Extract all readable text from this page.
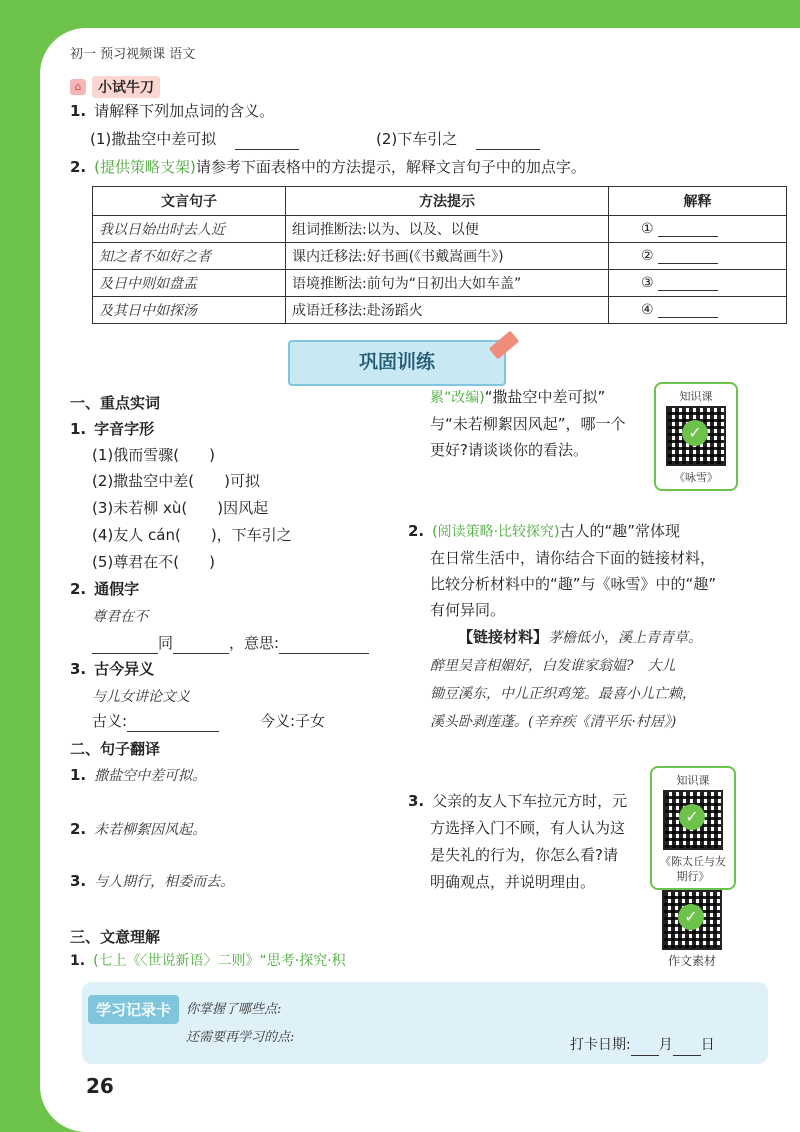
初一 预习视频课 语文
⌂	小试牛刀
1. 请解释下列加点词的含义。
(1)撒盐空中差可拟	(2)下车引之
2. (提供策略支架)请参考下面表格中的方法提示，解释文言句子中的加点字。
文言句子	方法提示	解释
我以日始出时去人近	组词推断法:以为、以及、以便	①
知之者不如好之者	课内迁移法:好书画(《书戴嵩画牛》)	②
及日中则如盘盂	语境推断法:前句为“日初出大如车盖”	③
及其日中如探汤	成语迁移法:赴汤蹈火	④
巩固训练
一、重点实词
1. 字音字形
(1)俄而雪骤(　　)
(2)撒盐空中差(　　)可拟
(3)未若柳 xù(　　)因风起
(4)友人 cán(　　)，下车引之
(5)尊君在不(　　)
2. 通假字
尊君在不
同	，意思:
3. 古今异义
与儿女讲论文义
古义:	今义:子女
二、句子翻译
1. 撒盐空中差可拟。
2. 未若柳絮因风起。
3. 与人期行，相委而去。
三、文意理解
1. (七上《〈世说新语〉二则》“思考·探究·积
累”改编)“撒盐空中差可拟”
与“未若柳絮因风起”，哪一个
更好?请谈谈你的看法。
知识课
✓
《咏雪》
2. (阅读策略·比较探究)古人的“趣”常体现
在日常生活中，请你结合下面的链接材料，
比较分析材料中的“趣”与《咏雪》中的“趣”
有何异同。
【链接材料】茅檐低小，溪上青青草。
醉里吴音相媚好，白发谁家翁媪?　大儿
锄豆溪东，中儿正织鸡笼。最喜小儿亡赖，
溪头卧剥莲蓬。(辛弃疾《清平乐·村居》)
3. 父亲的友人下车拉元方时，元
方选择入门不顾，有人认为这
是失礼的行为，你怎么看?请
明确观点，并说明理由。
知识课
✓
《陈太丘与友期行》
✓
作文素材
学习记录卡	你掌握了哪些点:
还需要再学习的点:	打卡日期: 月 日
26
